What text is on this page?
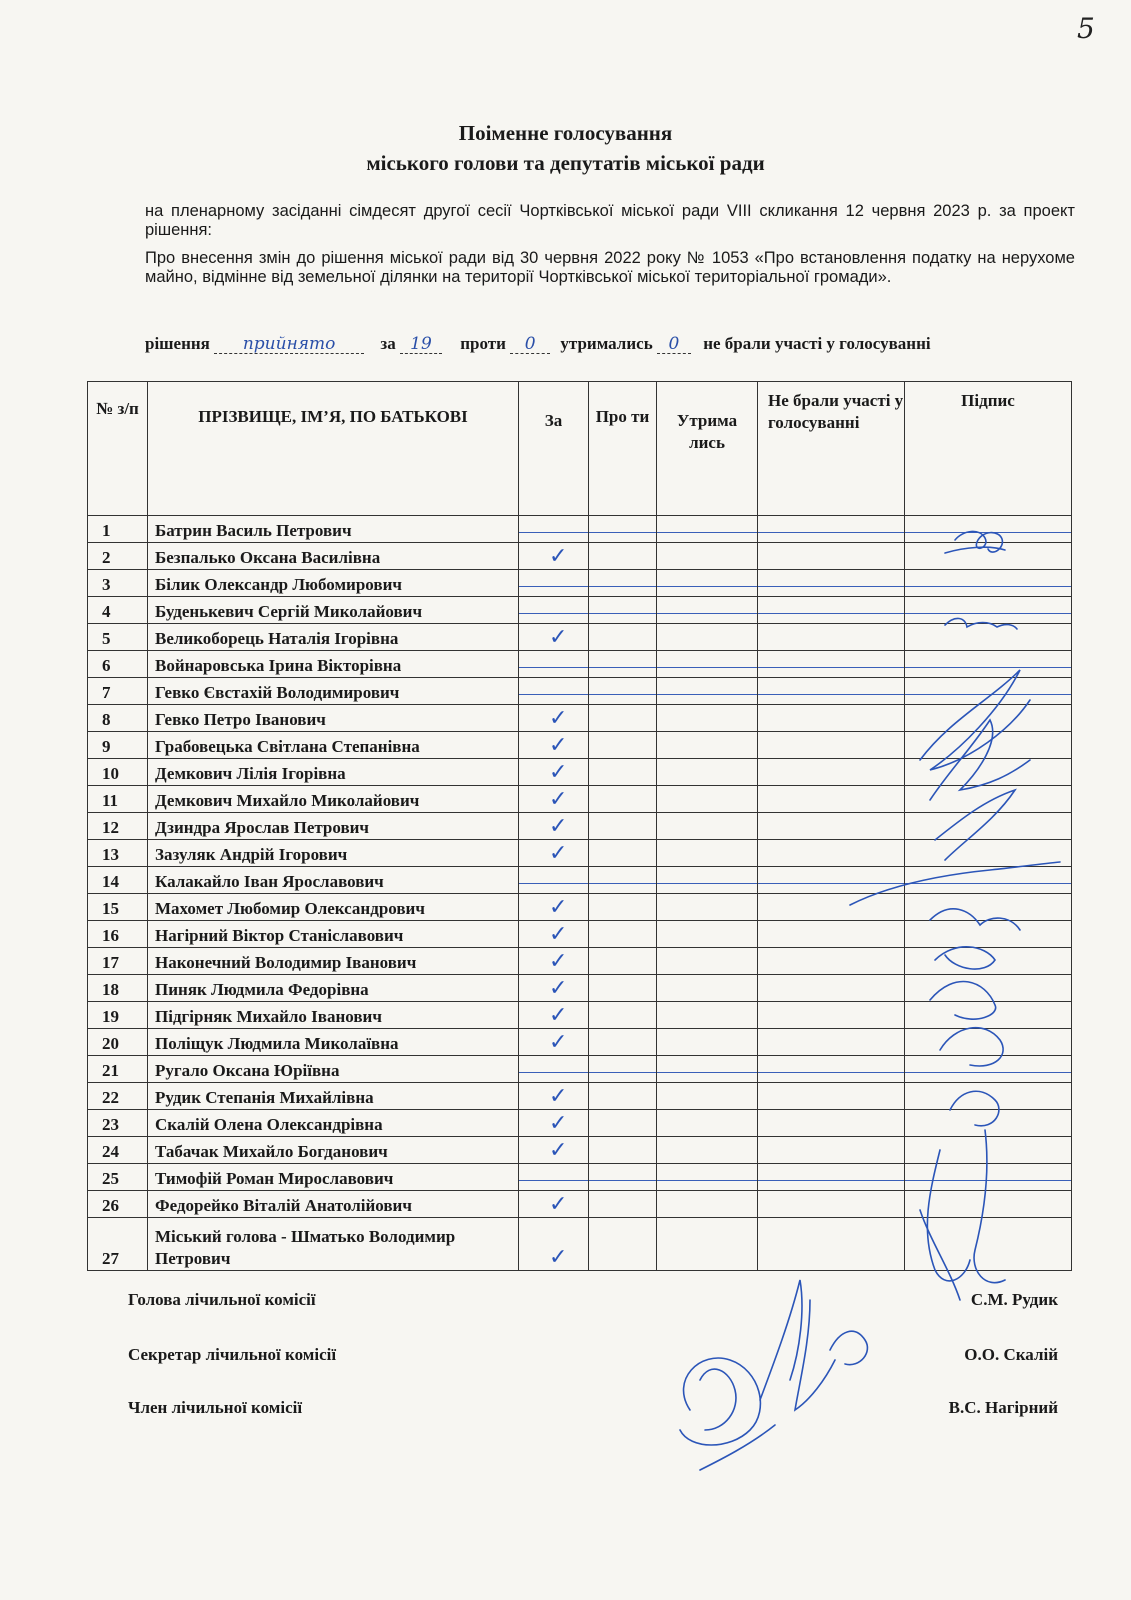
5
Поіменне голосування
міського голови та депутатів міської ради

на пленарному засіданні сімдесят другої сесії Чортківської міської ради VIII скликання 12 червня 2023 р. за проект рішення:

Про внесення змін до рішення міської ради від 30 червня 2022 року № 1053 «Про встановлення податку на нерухоме майно, відмінне від земельної ділянки на території Чортківської міської територіальної громади».

рішення прийнято	за 19 проти 0 утримались 0 не брали участі у голосуванні
№ з/п	ПРІЗВИЩЕ, ІМ’Я, ПО БАТЬКОВІ	За	Про ти	Утрима лись	Не брали участі у голосуванні	Підпис
1	Батрин Василь Петрович	

2	Безпалько Оксана Василівна	✓				
3	Білик Олександр Любомирович	

4	Буденькевич Сергій Миколайович	

5	Великоборець Наталія Ігорівна	✓				
6	Войнаровська Ірина Вікторівна	

7	Гевко Євстахій Володимирович	

8	Гевко Петро Іванович	✓				
9	Грабовецька Світлана Степанівна	✓				
10	Демкович Лілія Ігорівна	✓				
11	Демкович Михайло Миколайович	✓				
12	Дзиндра Ярослав Петрович	✓				
13	Зазуляк Андрій Ігорович	✓				
14	Калакайло Іван Ярославович	

15	Махомет Любомир Олександрович	✓				
16	Нагірний Віктор Станіславович	✓				
17	Наконечний Володимир Іванович	✓				
18	Пиняк Людмила Федорівна	✓				
19	Підгірняк Михайло Іванович	✓				
20	Поліщук Людмила Миколаївна	✓				
21	Ругало Оксана Юріївна	

22	Рудик Степанія Михайлівна	✓				
23	Скалій Олена Олександрівна	✓				
24	Табачак Михайло Богданович	✓				
25	Тимофій Роман Мирославович	

26	Федорейко Віталій Анатолійович	✓				
27	Міський голова - Шматько Володимир Петрович	✓				
Голова лічильної комісії	С.М. Рудик
Секретар лічильної комісії	О.О. Скалій
Член лічильної комісії	В.С. Нагірний
